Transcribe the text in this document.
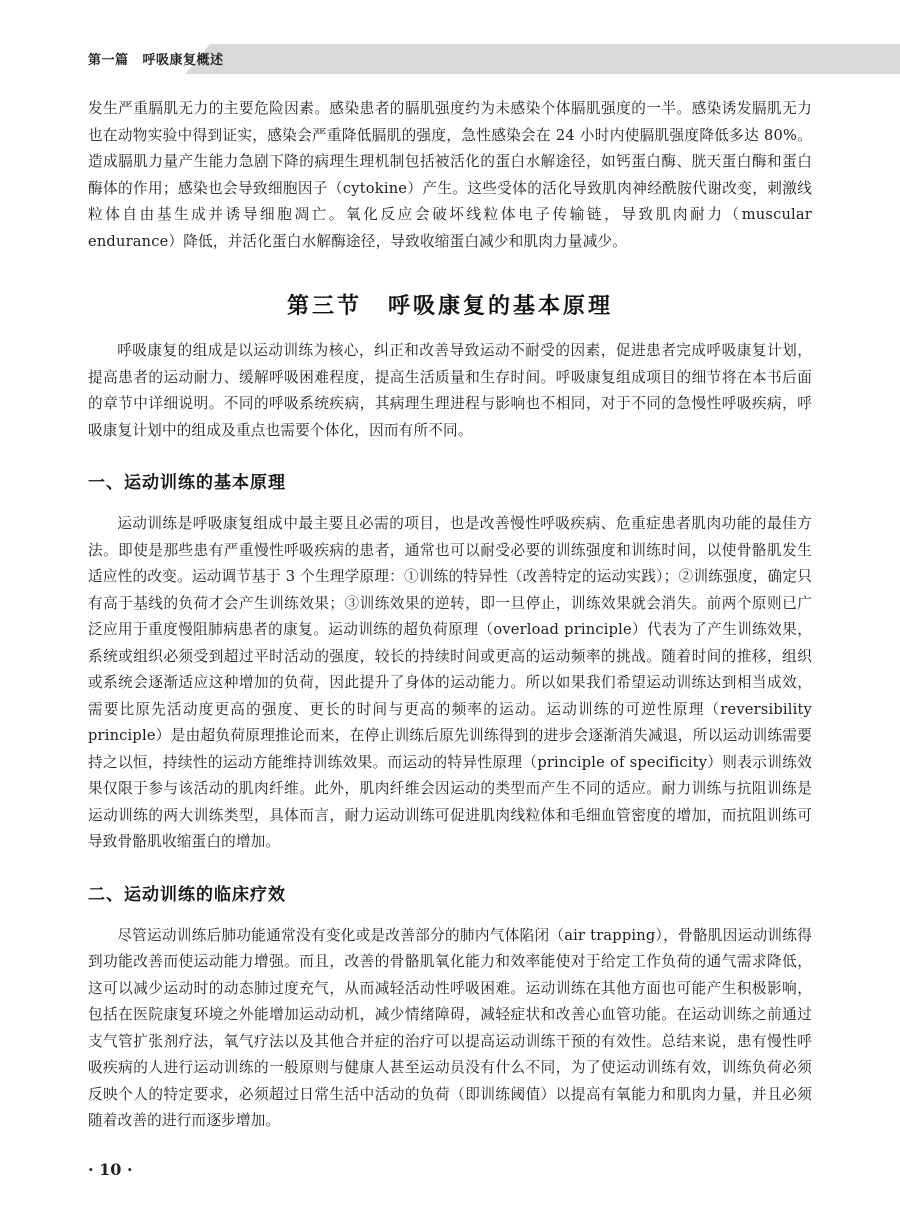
第一篇 呼吸康复概述

发生严重膈肌无力的主要危险因素。感染患者的膈肌强度约为未感染个体膈肌强度的一半。感染诱发膈肌无力也在动物实验中得到证实，感染会严重降低膈肌的强度，急性感染会在 24 小时内使膈肌强度降低多达 80%。造成膈肌力量产生能力急剧下降的病理生理机制包括被活化的蛋白水解途径，如钙蛋白酶、胱天蛋白酶和蛋白酶体的作用；感染也会导致细胞因子（cytokine）产生。这些受体的活化导致肌肉神经酰胺代谢改变，刺激线粒体自由基生成并诱导细胞凋亡。氧化反应会破坏线粒体电子传输链，导致肌肉耐力（muscular endurance）降低，并活化蛋白水解酶途径，导致收缩蛋白减少和肌肉力量减少。

第三节 呼吸康复的基本原理

呼吸康复的组成是以运动训练为核心，纠正和改善导致运动不耐受的因素，促进患者完成呼吸康复计划，提高患者的运动耐力、缓解呼吸困难程度，提高生活质量和生存时间。呼吸康复组成项目的细节将在本书后面的章节中详细说明。不同的呼吸系统疾病，其病理生理进程与影响也不相同，对于不同的急慢性呼吸疾病，呼吸康复计划中的组成及重点也需要个体化，因而有所不同。

一、运动训练的基本原理

运动训练是呼吸康复组成中最主要且必需的项目，也是改善慢性呼吸疾病、危重症患者肌肉功能的最佳方法。即使是那些患有严重慢性呼吸疾病的患者，通常也可以耐受必要的训练强度和训练时间，以使骨骼肌发生适应性的改变。运动调节基于 3 个生理学原理：①训练的特异性（改善特定的运动实践）；②训练强度，确定只有高于基线的负荷才会产生训练效果；③训练效果的逆转，即一旦停止，训练效果就会消失。前两个原则已广泛应用于重度慢阻肺病患者的康复。运动训练的超负荷原理（overload principle）代表为了产生训练效果，系统或组织必须受到超过平时活动的强度，较长的持续时间或更高的运动频率的挑战。随着时间的推移，组织或系统会逐渐适应这种增加的负荷，因此提升了身体的运动能力。所以如果我们希望运动训练达到相当成效，需要比原先活动度更高的强度、更长的时间与更高的频率的运动。运动训练的可逆性原理（reversibility principle）是由超负荷原理推论而来，在停止训练后原先训练得到的进步会逐渐消失减退，所以运动训练需要持之以恒，持续性的运动方能维持训练效果。而运动的特异性原理（principle of specificity）则表示训练效果仅限于参与该活动的肌肉纤维。此外，肌肉纤维会因运动的类型而产生不同的适应。耐力训练与抗阻训练是运动训练的两大训练类型，具体而言，耐力运动训练可促进肌肉线粒体和毛细血管密度的增加，而抗阻训练可导致骨骼肌收缩蛋白的增加。

二、运动训练的临床疗效

尽管运动训练后肺功能通常没有变化或是改善部分的肺内气体陷闭（air trapping），骨骼肌因运动训练得到功能改善而使运动能力增强。而且，改善的骨骼肌氧化能力和效率能使对于给定工作负荷的通气需求降低，这可以减少运动时的动态肺过度充气，从而减轻活动性呼吸困难。运动训练在其他方面也可能产生积极影响，包括在医院康复环境之外能增加运动动机，减少情绪障碍，减轻症状和改善心血管功能。在运动训练之前通过支气管扩张剂疗法，氧气疗法以及其他合并症的治疗可以提高运动训练干预的有效性。总结来说，患有慢性呼吸疾病的人进行运动训练的一般原则与健康人甚至运动员没有什么不同，为了使运动训练有效，训练负荷必须反映个人的特定要求，必须超过日常生活中活动的负荷（即训练阈值）以提高有氧能力和肌肉力量，并且必须随着改善的进行而逐步增加。

· 10 ·
